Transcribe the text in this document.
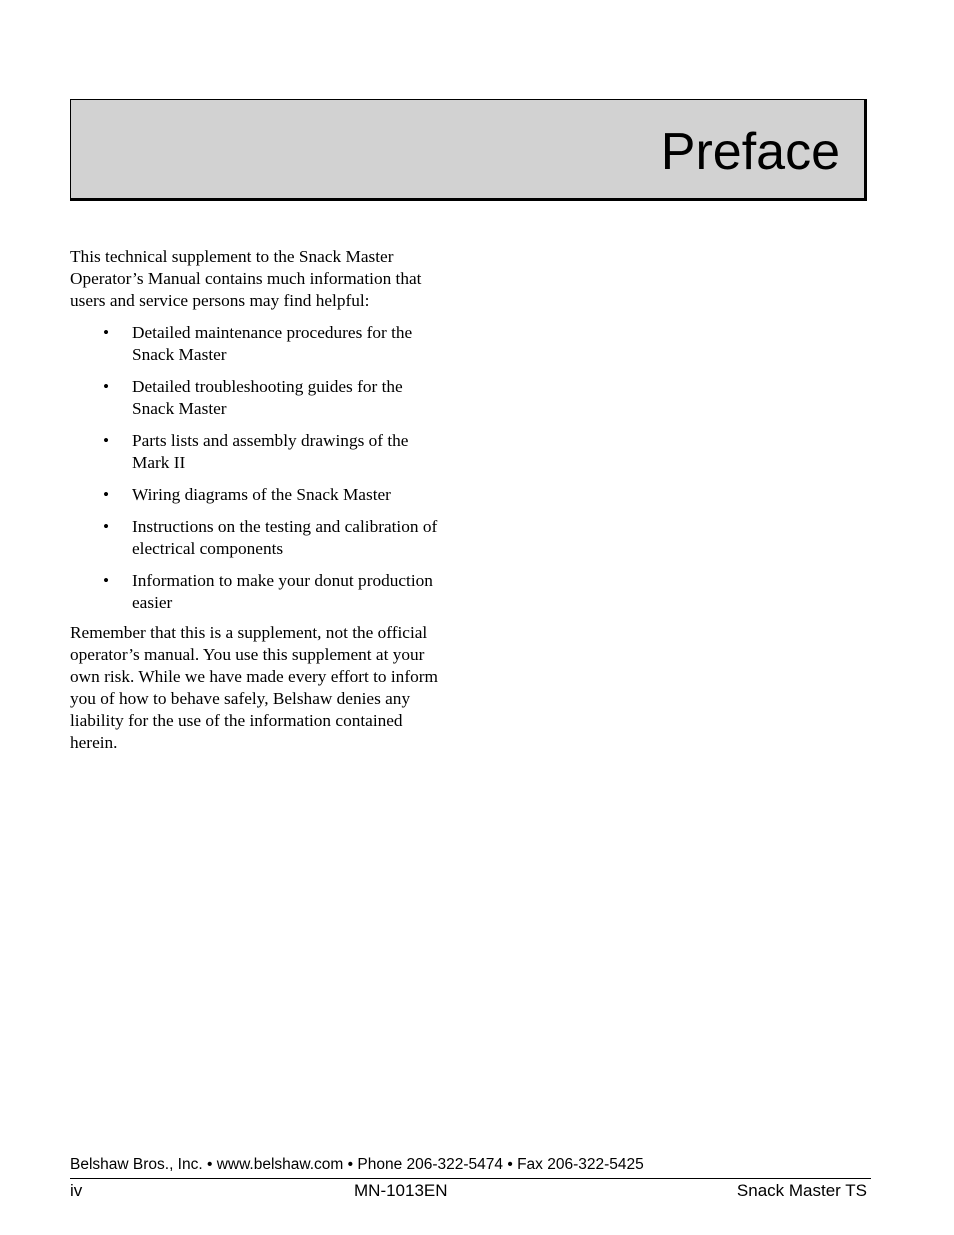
Preface

This technical supplement to the Snack Master Operator’s Manual contains much information that users and service persons may find helpful:

• Detailed maintenance procedures for the Snack Master
• Detailed troubleshooting guides for the Snack Master
• Parts lists and assembly drawings of the Mark II
• Wiring diagrams of the Snack Master
• Instructions on the testing and calibration of electrical components
• Information to make your donut production easier

Remember that this is a supplement, not the official operator’s manual. You use this supplement at your own risk. While we have made every effort to inform you of how to behave safely, Belshaw denies any liability for the use of the information contained herein.

Belshaw Bros., Inc. • www.belshaw.com • Phone 206-322-5474 • Fax 206-322-5425
iv	MN-1013EN	Snack Master TS
